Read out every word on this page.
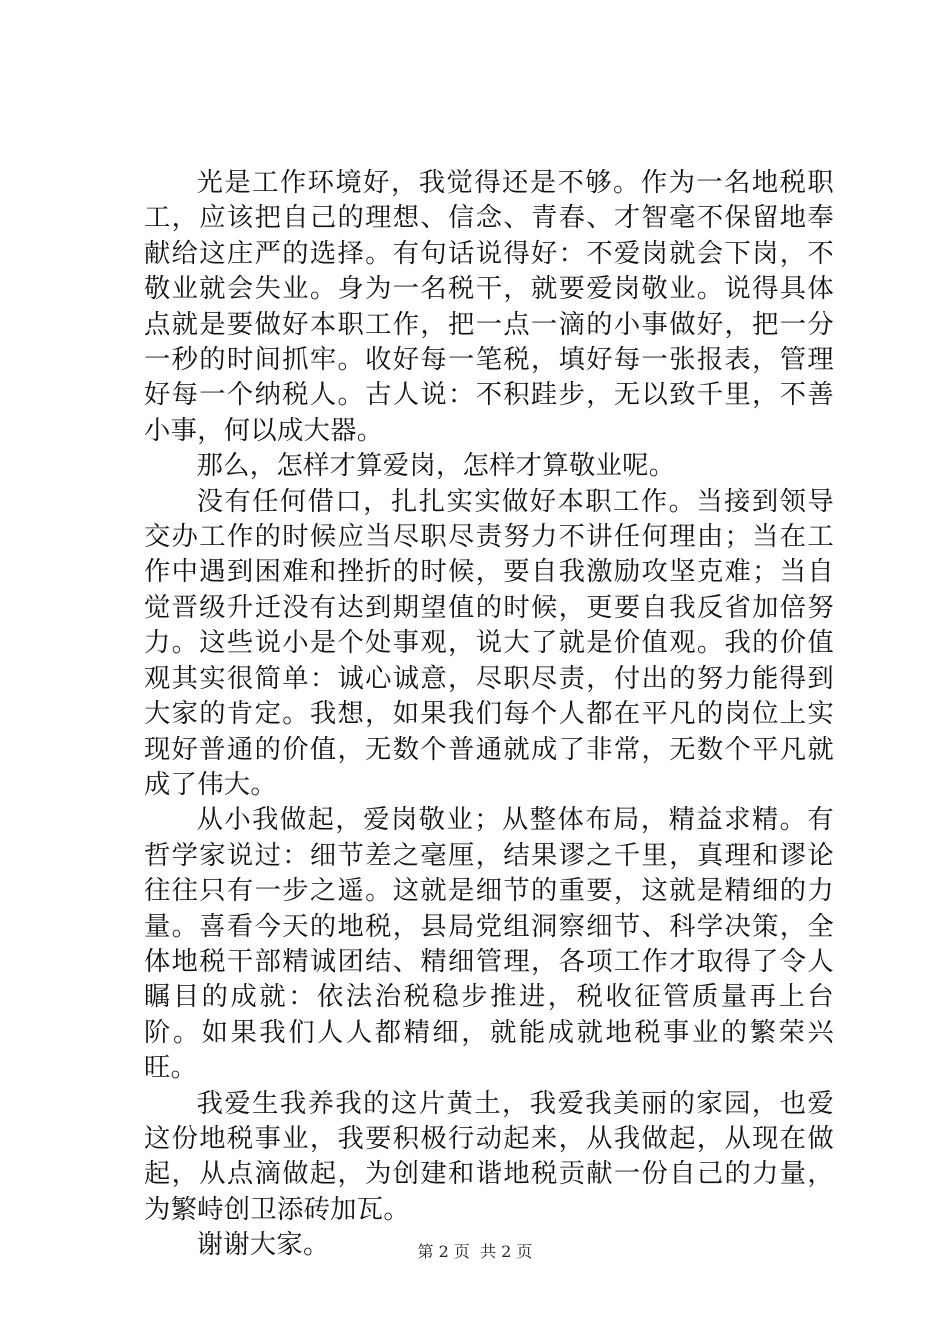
光是工作环境好，我觉得还是不够。作为一名地税职工，应该把自己的理想、信念、青春、才智毫不保留地奉献给这庄严的选择。有句话说得好：不爱岗就会下岗，不敬业就会失业。身为一名税干，就要爱岗敬业。说得具体点就是要做好本职工作，把一点一滴的小事做好，把一分一秒的时间抓牢。收好每一笔税，填好每一张报表，管理好每一个纳税人。古人说：不积跬步，无以致千里，不善小事，何以成大器。

那么，怎样才算爱岗，怎样才算敬业呢。

没有任何借口，扎扎实实做好本职工作。当接到领导交办工作的时候应当尽职尽责努力不讲任何理由；当在工作中遇到困难和挫折的时候，要自我激励攻坚克难；当自觉晋级升迁没有达到期望值的时候，更要自我反省加倍努力。这些说小是个处事观，说大了就是价值观。我的价值观其实很简单：诚心诚意，尽职尽责，付出的努力能得到大家的肯定。我想，如果我们每个人都在平凡的岗位上实现好普通的价值，无数个普通就成了非常，无数个平凡就成了伟大。

从小我做起，爱岗敬业；从整体布局，精益求精。有哲学家说过：细节差之毫厘，结果谬之千里，真理和谬论往往只有一步之遥。这就是细节的重要，这就是精细的力量。喜看今天的地税，县局党组洞察细节、科学决策，全体地税干部精诚团结、精细管理，各项工作才取得了令人瞩目的成就：依法治税稳步推进，税收征管质量再上台阶。如果我们人人都精细，就能成就地税事业的繁荣兴旺。

我爱生我养我的这片黄土，我爱我美丽的家园，也爱这份地税事业，我要积极行动起来，从我做起，从现在做起，从点滴做起，为创建和谐地税贡献一份自己的力量，为繁峙创卫添砖加瓦。

谢谢大家。	第 2 页  共 2 页
